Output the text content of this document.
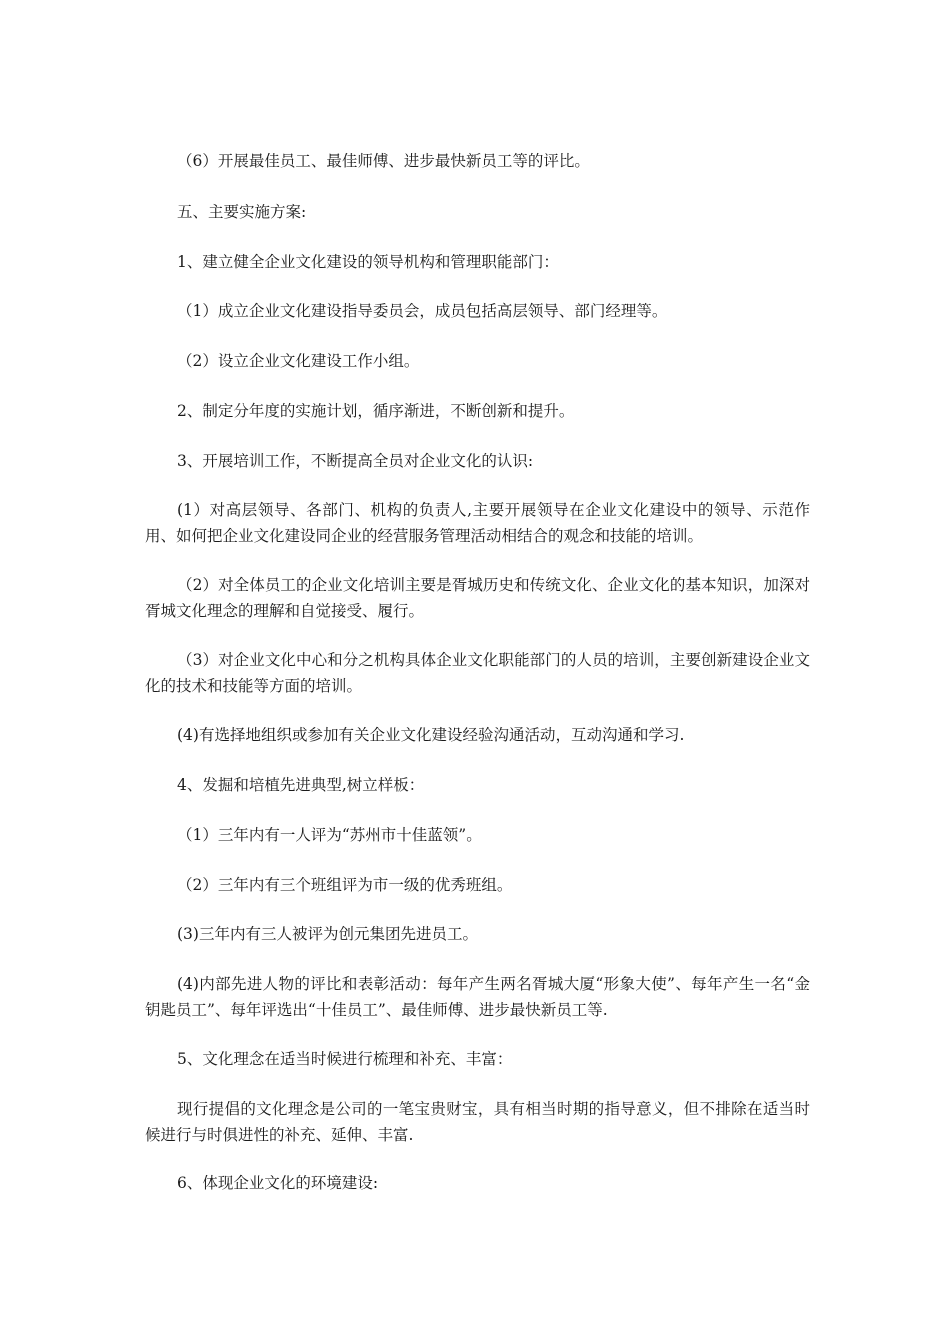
（6）开展最佳员工、最佳师傅、进步最快新员工等的评比。

五、主要实施方案:

1、建立健全企业文化建设的领导机构和管理职能部门：

（1）成立企业文化建设指导委员会，成员包括高层领导、部门经理等。

（2）设立企业文化建设工作小组。

2、制定分年度的实施计划，循序渐进，不断创新和提升。

3、开展培训工作，不断提高全员对企业文化的认识:

(1）对高层领导、各部门、机构的负责人,主要开展领导在企业文化建设中的领导、示范作用、如何把企业文化建设同企业的经营服务管理活动相结合的观念和技能的培训。

（2）对全体员工的企业文化培训主要是胥城历史和传统文化、企业文化的基本知识，加深对胥城文化理念的理解和自觉接受、履行。

（3）对企业文化中心和分之机构具体企业文化职能部门的人员的培训，主要创新建设企业文化的技术和技能等方面的培训。

(4)有选择地组织或参加有关企业文化建设经验沟通活动，互动沟通和学习.

4、发掘和培植先进典型,树立样板：

（1）三年内有一人评为“苏州市十佳蓝领”。

（2）三年内有三个班组评为市一级的优秀班组。

(3)三年内有三人被评为创元集团先进员工。

(4)内部先进人物的评比和表彰活动：每年产生两名胥城大厦“形象大使”、每年产生一名“金钥匙员工”、每年评选出“十佳员工”、最佳师傅、进步最快新员工等.

5、文化理念在适当时候进行梳理和补充、丰富：

现行提倡的文化理念是公司的一笔宝贵财宝，具有相当时期的指导意义，但不排除在适当时候进行与时俱进性的补充、延伸、丰富.

6、体现企业文化的环境建设:
